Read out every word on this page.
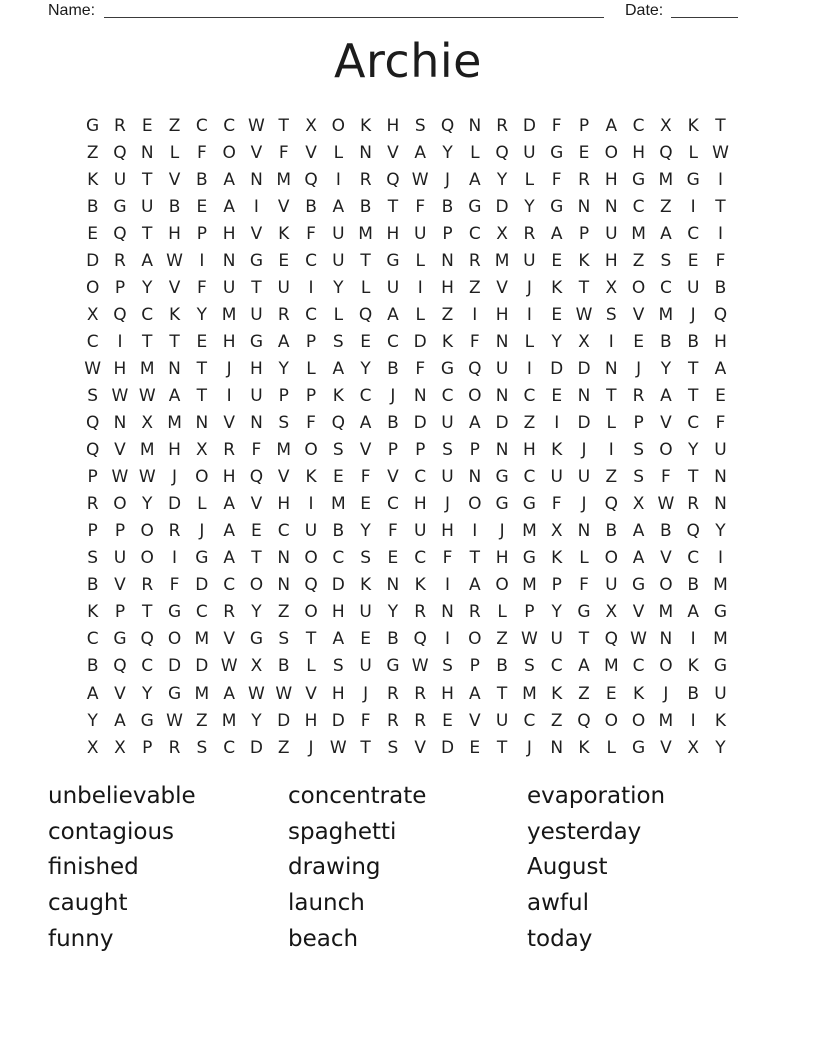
Name:	Date:
Archie
G R E Z C C W T X O K H S Q N R D F	P A C X K T
Z Q N L	F O V F V L N V A Y	L Q U G E O H Q L W
K U T V B A N M Q	I	R Q W J	A Y	L	F R H G M G	I
B G U B E A	I	V B A B T	F B G D Y G N N C Z	I	T
E Q T H P H V K F U M H U P C X R A P U M A C	I
D R A W I	N G E C U T G L N R M U E K H Z S E	F
O P Y V F U T U	I	Y	L U	I	H Z V	J	K T X O C U B
X Q C K Y M U R C L Q A L Z	I	H	I	E W S V M	J	Q
C	I	T T E H G A P S E C D K F N L	Y X	I	E B B H
W H M N T	J	H Y	L A Y B F G Q U	I	D D N	J	Y T A
S W W A T	I	U P	P K C	J	N C O N C E N T R A T E
Q N X M N V N S	F Q A B D U A D Z	I	D L	P V C F
Q V M H X R F M O S V P	P S P N H K	J	I	S O Y U
P W W J	O H Q V K E	F V C U N G C U U Z S	F	T N
R O Y D L A V H	I	M E C H	J	O G G F	J	Q X W R N
P	P O R	J	A E C U B Y	F U H	I	J	M X N B A B Q Y
S U O	I	G A T N O C S E C F	T H G K L O A V C	I
B V R F D C O N Q D K N K	I	A O M P	F U G O B M
K P T G C R Y Z O H U Y R N R L	P Y G X V M A G
C G Q O M V G S T A E B Q	I	O Z W U T Q W N	I	M
B Q C D D W X B L	S U G W S P B S C A M C O K G
A V Y G M A W W V H	J	R R H A T M K Z E K	J	B U
Y A G W Z M Y D H D F R R E V U C Z Q O O M	I	K
X X P R S C D Z	J W T S V D E T	J	N K L G V X Y
unbelievable
contagious
finished
caught
funny
concentrate
spaghetti
drawing
launch
beach
evaporation
yesterday
August
awful
today
